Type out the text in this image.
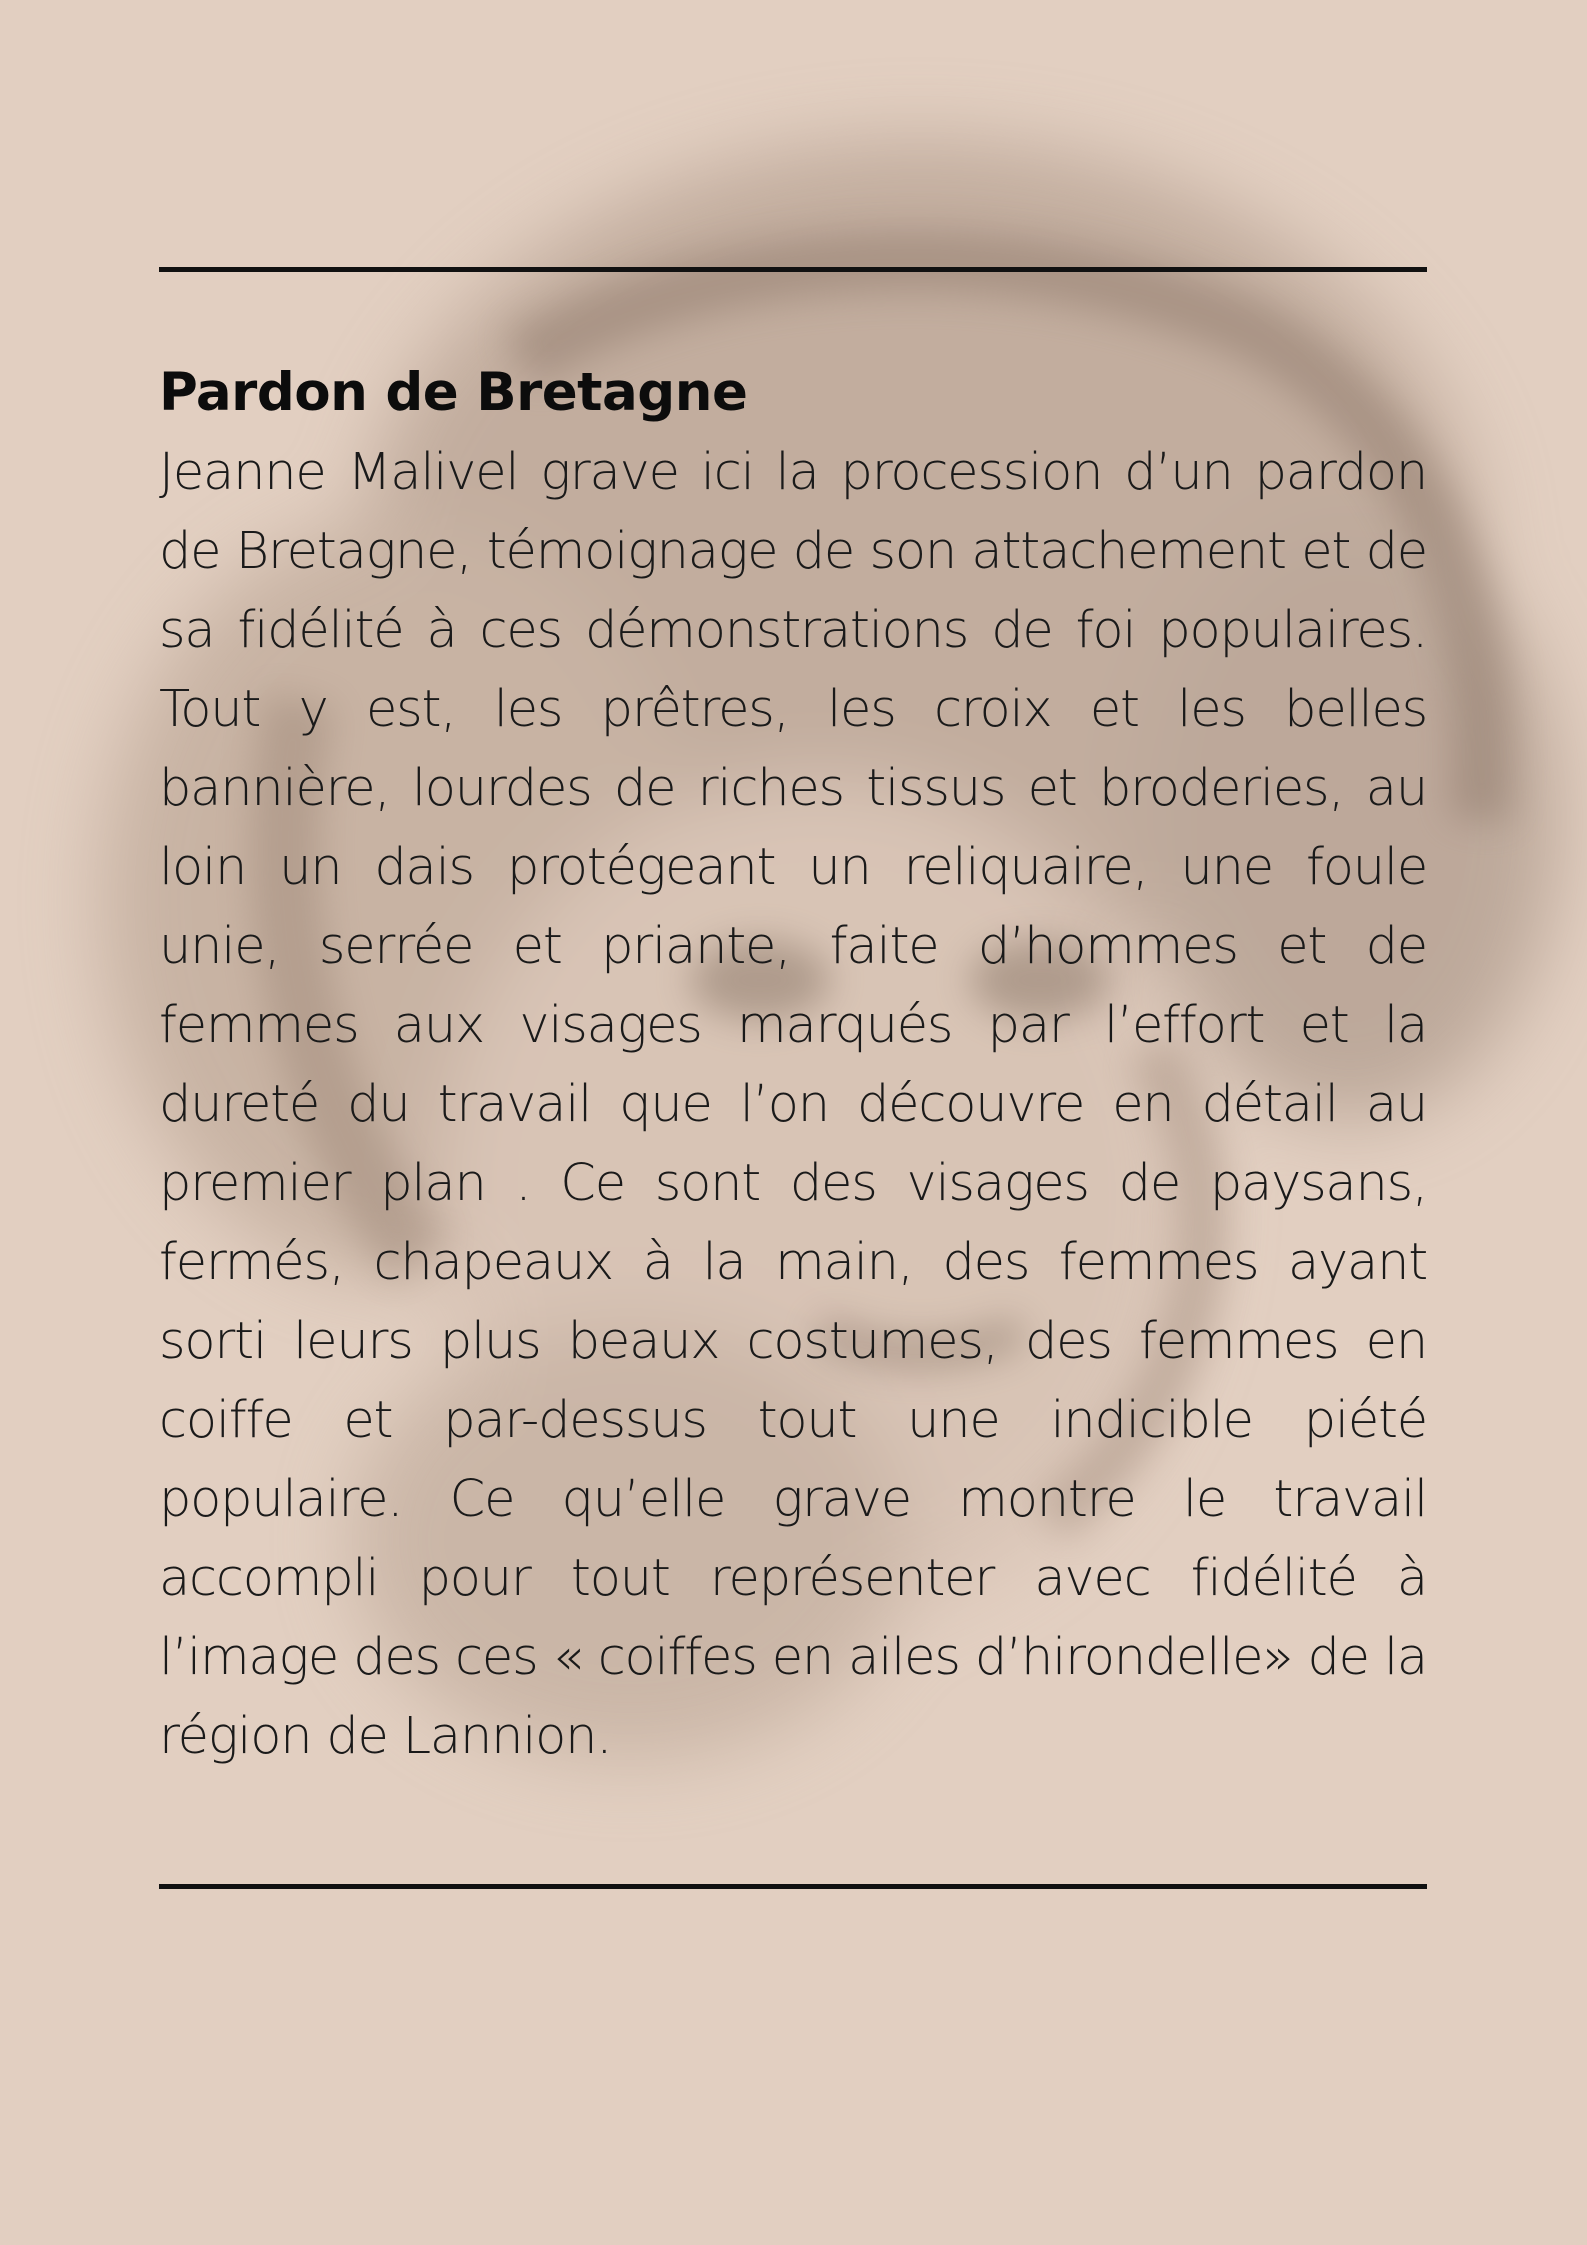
Pardon de Bretagne

Jeanne Malivel grave ici la procession d’un pardon de Bretagne, témoignage de son attachement et de sa fidélité à ces démonstrations de foi populaires. Tout y est, les prêtres, les croix et les belles bannière, lourdes de riches tissus et broderies, au loin un dais protégeant un reliquaire, une foule unie, serrée et priante, faite d’hommes et de femmes aux visages marqués par l’effort et la dureté du travail que l’on découvre en détail au premier plan . Ce sont des visages de paysans, fermés, chapeaux à la main, des femmes ayant sorti leurs plus beaux costumes, des femmes en coiffe et par-dessus tout une indicible piété populaire. Ce qu’elle grave montre le travail accompli pour tout représenter avec fidélité à l’image des ces « coiffes en ailes d’hirondelle» de la région de Lannion.
